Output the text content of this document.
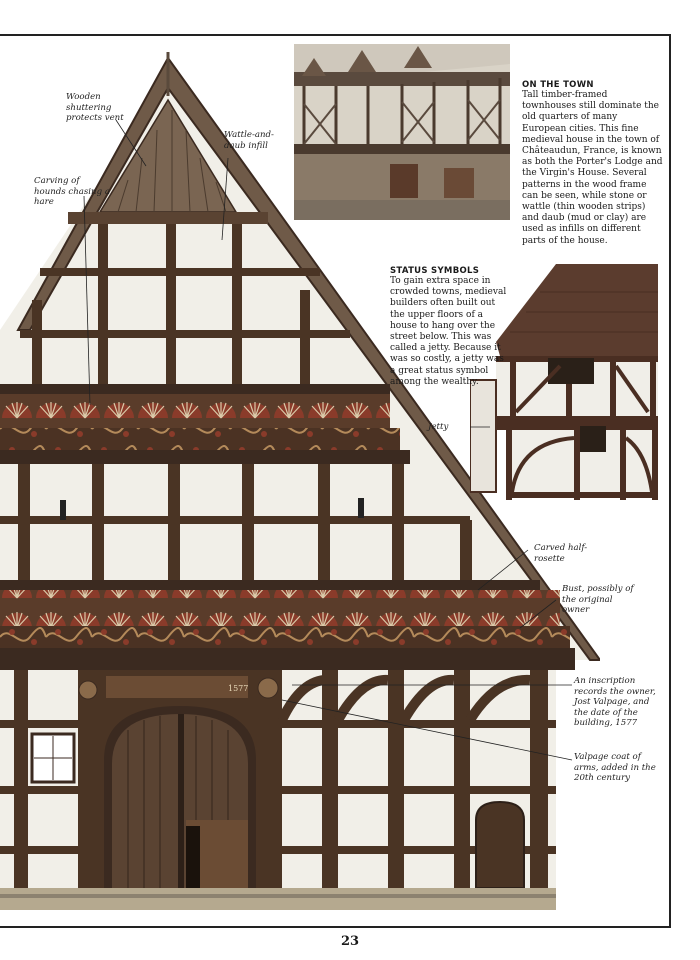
1577
ON THE TOWN
Tall timber-framed townhouses still dominate the old quarters of many European cities. This fine medieval house in the town of Châteaudun, France, is known as both the Porter's Lodge and the Virgin's House. Several patterns in the wood frame can be seen, while stone or wattle (thin wooden strips) and daub (mud or clay) are used as infills on different parts of the house.
STATUS SYMBOLS
To gain extra space in crowded towns, medieval builders often built out the upper floors of a house to hang over the street below. This was called a jetty. Because it was so costly, a jetty was a great status symbol among the wealthy.
Wooden shuttering protects vent
Wattle-and-daub infill
Carving of hounds chasing a hare
Jetty
Carved half-rosette
Bust, possibly of the original owner
An inscription records the owner, Jost Valpage, and the date of the building, 1577
Valpage coat of arms, added in the 20th century
23
